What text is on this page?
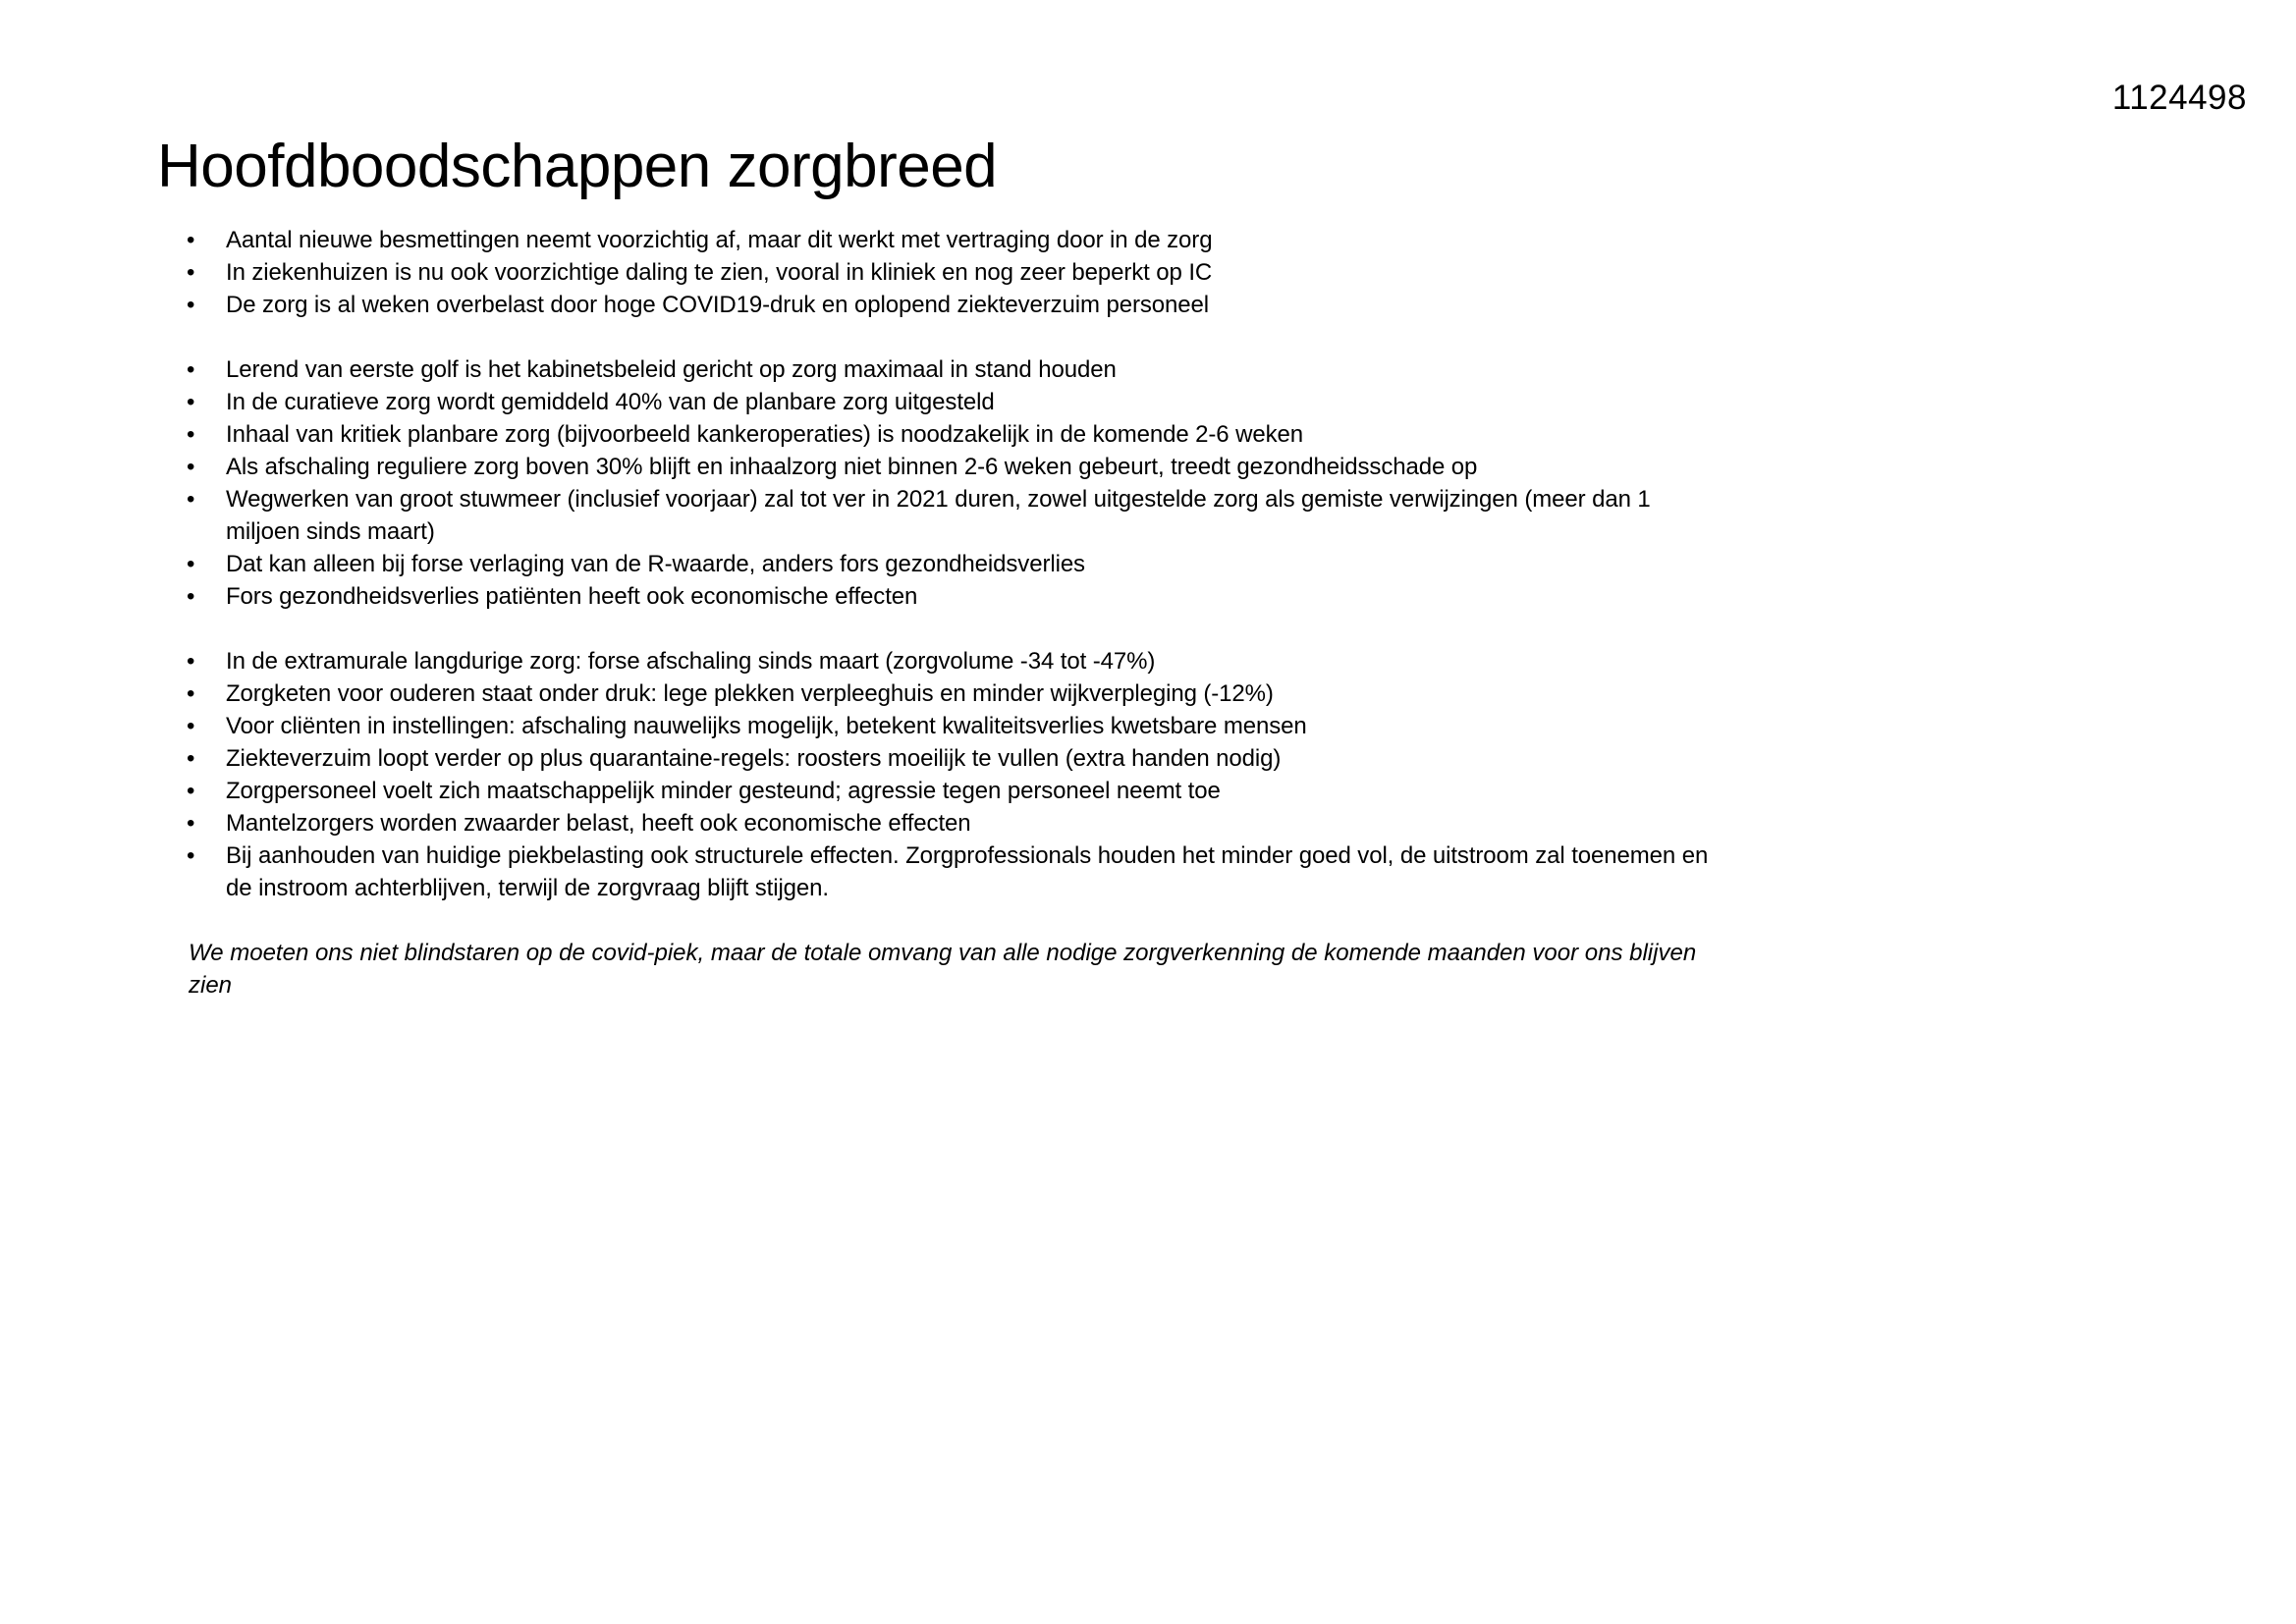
1124498
Hoofdboodschappen zorgbreed
• Aantal nieuwe besmettingen neemt voorzichtig af, maar dit werkt met vertraging door in de zorg
• In ziekenhuizen is nu ook voorzichtige daling te zien, vooral in kliniek en nog zeer beperkt op IC
• De zorg is al weken overbelast door hoge COVID19-druk en oplopend ziekteverzuim personeel
• Lerend van eerste golf is het kabinetsbeleid gericht op zorg maximaal in stand houden
• In de curatieve zorg wordt gemiddeld 40% van de planbare zorg uitgesteld
• Inhaal van kritiek planbare zorg (bijvoorbeeld kankeroperaties) is noodzakelijk in de komende 2-6 weken
• Als afschaling reguliere zorg boven 30% blijft en inhaalzorg niet binnen 2-6 weken gebeurt, treedt gezondheidsschade op
• Wegwerken van groot stuwmeer (inclusief voorjaar) zal tot ver in 2021 duren, zowel uitgestelde zorg als gemiste verwijzingen (meer dan 1 miljoen sinds maart)
• Dat kan alleen bij forse verlaging van de R-waarde, anders fors gezondheidsverlies
• Fors gezondheidsverlies patiënten heeft ook economische effecten
• In de extramurale langdurige zorg: forse afschaling sinds maart (zorgvolume -34 tot -47%)
• Zorgketen voor ouderen staat onder druk: lege plekken verpleeghuis en minder wijkverpleging (-12%)
• Voor cliënten in instellingen: afschaling nauwelijks mogelijk, betekent kwaliteitsverlies kwetsbare mensen
• Ziekteverzuim loopt verder op plus quarantaine-regels: roosters moeilijk te vullen (extra handen nodig)
• Zorgpersoneel voelt zich maatschappelijk minder gesteund; agressie tegen personeel neemt toe
• Mantelzorgers worden zwaarder belast, heeft ook economische effecten
• Bij aanhouden van huidige piekbelasting ook structurele effecten. Zorgprofessionals houden het minder goed vol, de uitstroom zal toenemen en de instroom achterblijven, terwijl de zorgvraag blijft stijgen.

We moeten ons niet blindstaren op de covid-piek, maar de totale omvang van alle nodige zorgverkenning de komende maanden voor ons blijven zien
